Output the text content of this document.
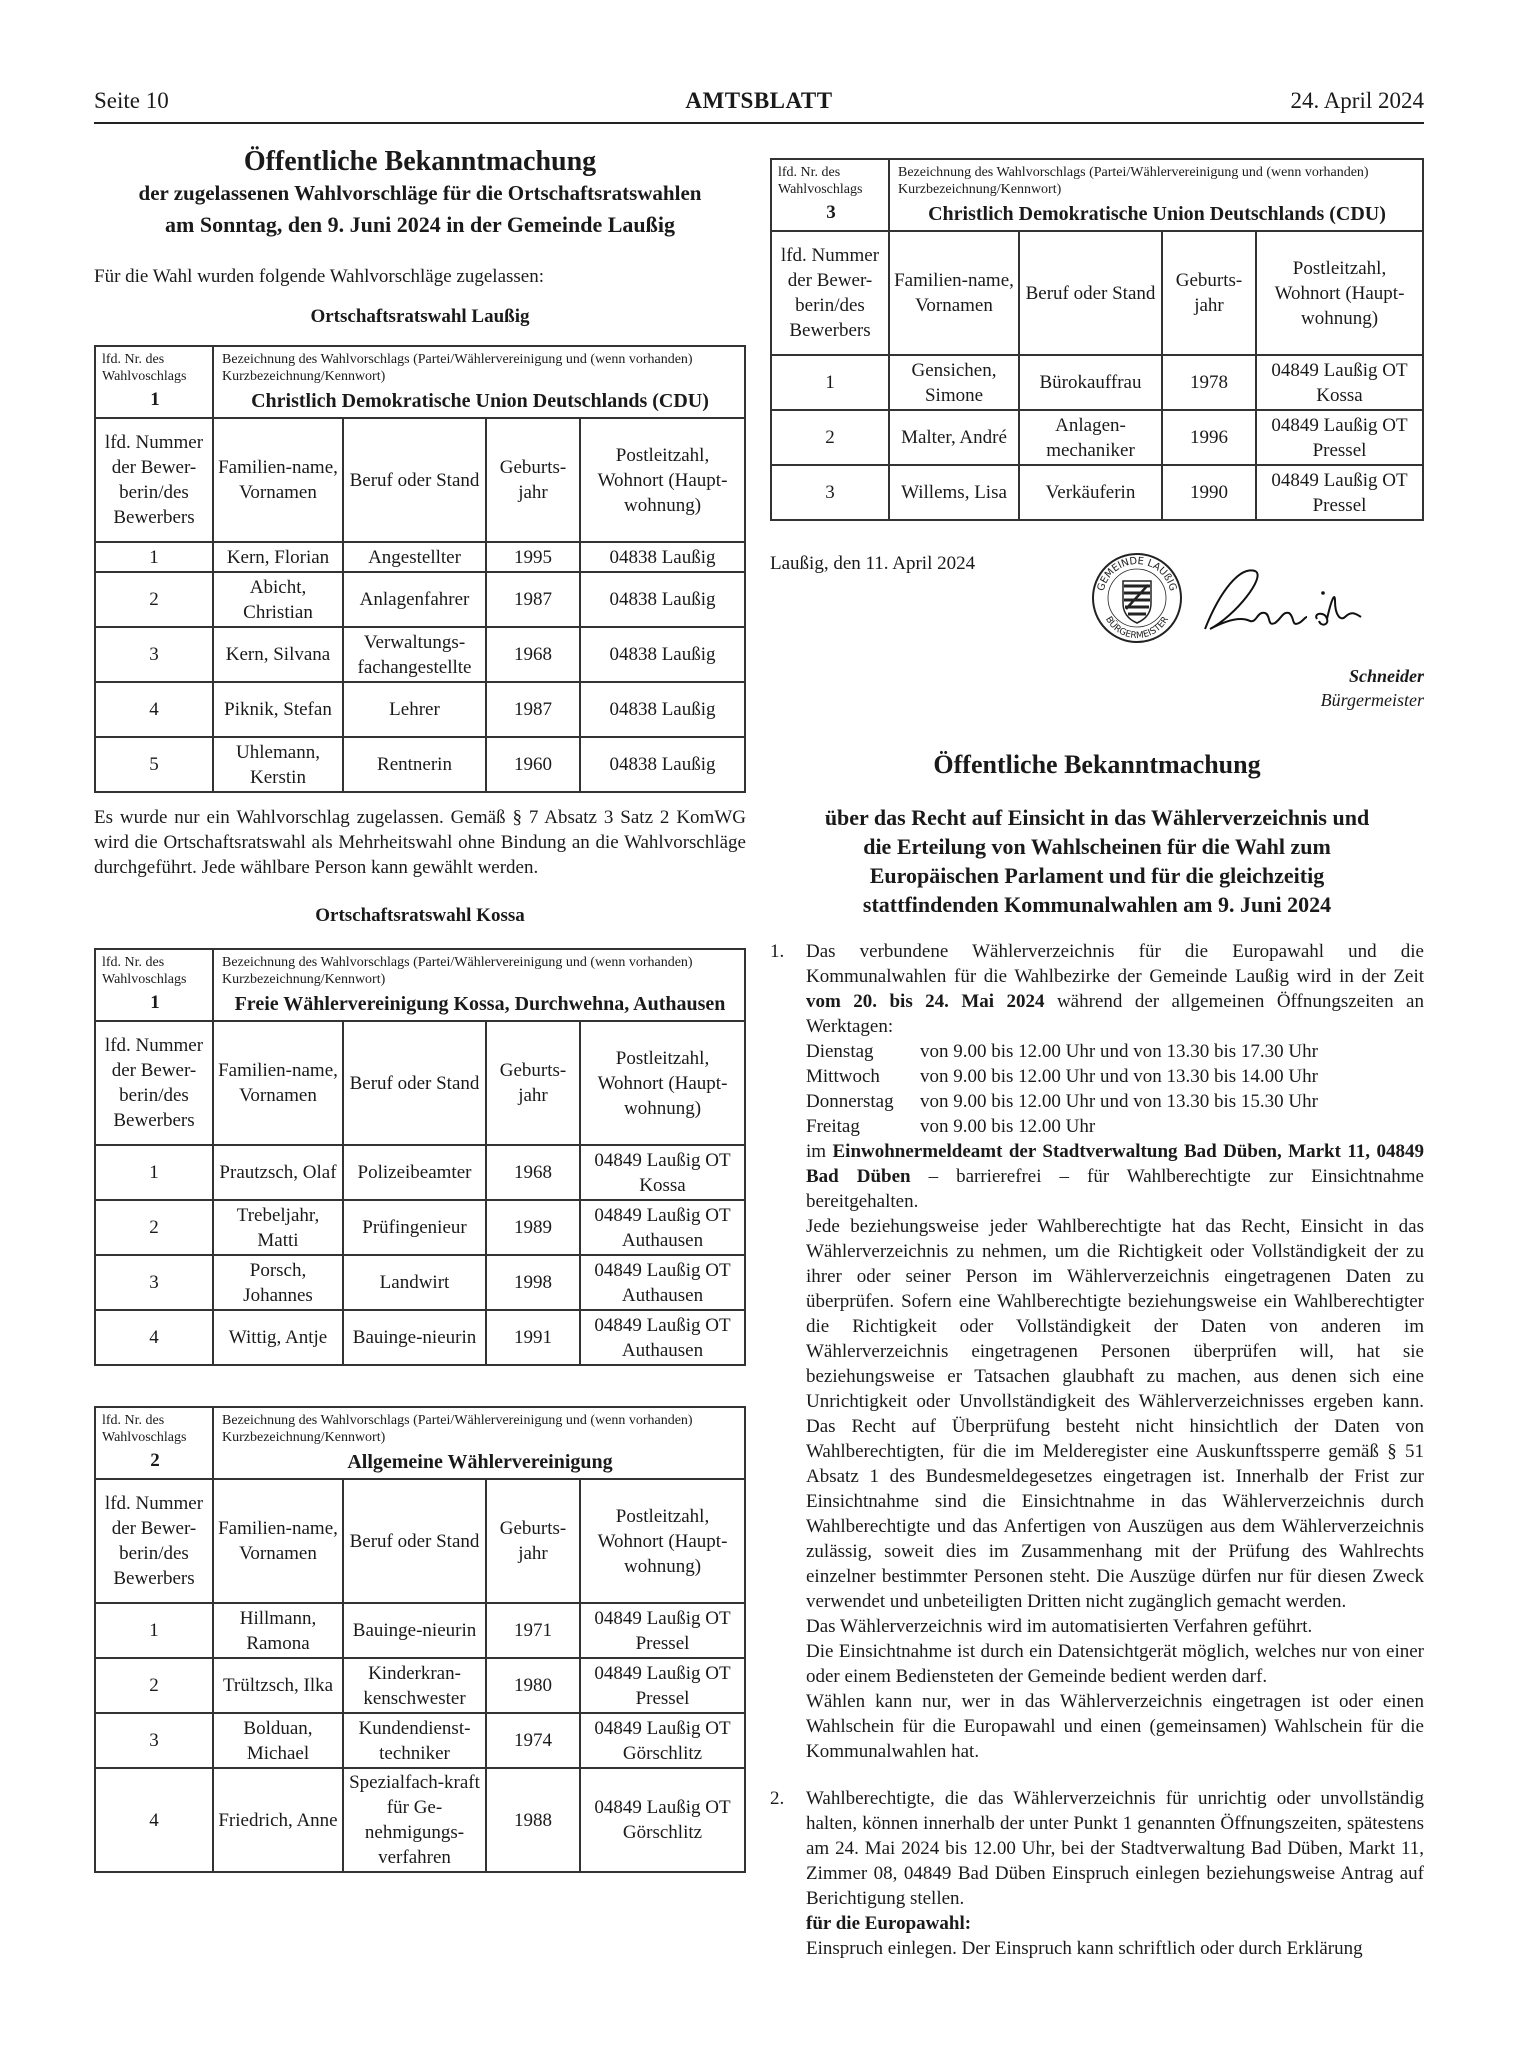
Seite 10	AMTSBLATT	24. April 2024
Öffentliche Bekanntmachung
der zugelassenen Wahlvorschläge für die Ortschaftsratswahlen
am Sonntag, den 9. Juni 2024 in der Gemeinde Laußig

Für die Wahl wurden folgende Wahlvorschläge zugelassen:

Ortschaftsratswahl Laußig
lfd. Nr. des Wahlvoschlags
1	Bezeichnung des Wahlvorschlags (Partei/Wählervereinigung und (wenn vorhanden) Kurzbezeichnung/Kennwort)
Christlich Demokratische Union Deutschlands (CDU)			

lfd. Nummer der Bewer-berin/des Bewerbers	Familien-name, Vornamen	Beruf oder Stand	Geburts-jahr	Postleitzahl, Wohnort (Haupt-wohnung)
1	Kern, Florian	Angestellter	1995	04838 Laußig
2	Abicht, Christian	Anlagenfahrer	1987	04838 Laußig
3	Kern, Silvana	Verwaltungs-fachangestellte	1968	04838 Laußig
4	Piknik, Stefan	Lehrer	1987	04838 Laußig
5	Uhlemann, Kerstin	Rentnerin	1960	04838 Laußig

Es wurde nur ein Wahlvorschlag zugelassen. Gemäß § 7 Absatz 3 Satz 2 KomWG wird die Ortschaftsratswahl als Mehrheitswahl ohne Bindung an die Wahlvorschläge durchgeführt. Jede wählbare Person kann gewählt werden.

Ortschaftsratswahl Kossa
lfd. Nr. des Wahlvoschlags
1	Bezeichnung des Wahlvorschlags (Partei/Wählervereinigung und (wenn vorhanden) Kurzbezeichnung/Kennwort)
Freie Wählervereinigung Kossa, Durchwehna, Authausen			

lfd. Nummer der Bewer-berin/des Bewerbers	Familien-name, Vornamen	Beruf oder Stand	Geburts-jahr	Postleitzahl, Wohnort (Haupt-wohnung)
1	Prautzsch, Olaf	Polizeibeamter	1968	04849 Laußig OT Kossa
2	Trebeljahr, Matti	Prüfingenieur	1989	04849 Laußig OT Authausen
3	Porsch, Johannes	Landwirt	1998	04849 Laußig OT Authausen
4	Wittig, Antje	Bauinge-nieurin	1991	04849 Laußig OT Authausen
lfd. Nr. des Wahlvoschlags
2	Bezeichnung des Wahlvorschlags (Partei/Wählervereinigung und (wenn vorhanden) Kurzbezeichnung/Kennwort)
Allgemeine Wählervereinigung			

lfd. Nummer der Bewer-berin/des Bewerbers	Familien-name, Vornamen	Beruf oder Stand	Geburts-jahr	Postleitzahl, Wohnort (Haupt-wohnung)
1	Hillmann, Ramona	Bauinge-nieurin	1971	04849 Laußig OT Pressel
2	Trültzsch, Ilka	Kinderkran-kenschwester	1980	04849 Laußig OT Pressel
3	Bolduan, Michael	Kundendienst-techniker	1974	04849 Laußig OT Görschlitz
4	Friedrich, Anne	Spezialfach-kraft für Ge-nehmigungs-verfahren	1988	04849 Laußig OT Görschlitz
lfd. Nr. des Wahlvoschlags
3	Bezeichnung des Wahlvorschlags (Partei/Wählervereinigung und (wenn vorhanden) Kurzbezeichnung/Kennwort)
Christlich Demokratische Union Deutschlands (CDU)			

lfd. Nummer der Bewer-berin/des Bewerbers	Familien-name, Vornamen	Beruf oder Stand	Geburts-jahr	Postleitzahl, Wohnort (Haupt-wohnung)
1	Gensichen, Simone	Bürokauffrau	1978	04849 Laußig OT Kossa
2	Malter, André	Anlagen-mechaniker	1996	04849 Laußig OT Pressel
3	Willems, Lisa	Verkäuferin	1990	04849 Laußig OT Pressel
Laußig, den 11. April 2024
GEMEINDE LAUßIG
BÜRGERMEISTER
Schneider
Bürgermeister
Öffentliche Bekanntmachung
über das Recht auf Einsicht in das Wählerverzeichnis und
die Erteilung von Wahlscheinen für die Wahl zum
Europäischen Parlament und für die gleichzeitig
stattfindenden Kommunalwahlen am 9. Juni 2024
1. Das verbundene Wählerverzeichnis für die Europawahl und die Kommunalwahlen für die Wahlbezirke der Gemeinde Laußig wird in der Zeit vom 20. bis 24. Mai 2024 während der allgemeinen Öffnungszeiten an Werktagen:

Dienstag	von 9.00 bis 12.00 Uhr und von 13.30 bis 17.30 Uhr
Mittwoch	von 9.00 bis 12.00 Uhr und von 13.30 bis 14.00 Uhr
Donnerstag	von 9.00 bis 12.00 Uhr und von 13.30 bis 15.30 Uhr
Freitag	von 9.00 bis 12.00 Uhr

im Einwohnermeldeamt der Stadtverwaltung Bad Düben, Markt 11, 04849 Bad Düben – barrierefrei – für Wahlberechtigte zur Einsichtnahme bereitgehalten.

Jede beziehungsweise jeder Wahlberechtigte hat das Recht, Einsicht in das Wählerverzeichnis zu nehmen, um die Richtigkeit oder Vollständigkeit der zu ihrer oder seiner Person im Wählerverzeichnis eingetragenen Daten zu überprüfen. Sofern eine Wahlberechtigte beziehungsweise ein Wahlberechtigter die Richtigkeit oder Vollständigkeit der Daten von anderen im Wählerverzeichnis eingetragenen Personen überprüfen will, hat sie beziehungsweise er Tatsachen glaubhaft zu machen, aus denen sich eine Unrichtigkeit oder Unvollständigkeit des Wählerverzeichnisses ergeben kann. Das Recht auf Überprüfung besteht nicht hinsichtlich der Daten von Wahlberechtigten, für die im Melderegister eine Auskunftssperre gemäß § 51 Absatz 1 des Bundesmeldegesetzes eingetragen ist. Innerhalb der Frist zur Einsichtnahme sind die Einsichtnahme in das Wählerverzeichnis durch Wahlberechtigte und das Anfertigen von Auszügen aus dem Wählerverzeichnis zulässig, soweit dies im Zusammenhang mit der Prüfung des Wahlrechts einzelner bestimmter Personen steht. Die Auszüge dürfen nur für diesen Zweck verwendet und unbeteiligten Dritten nicht zugänglich gemacht werden.

Das Wählerverzeichnis wird im automatisierten Verfahren geführt.

Die Einsichtnahme ist durch ein Datensichtgerät möglich, welches nur von einer oder einem Bediensteten der Gemeinde bedient werden darf.

Wählen kann nur, wer in das Wählerverzeichnis eingetragen ist oder einen Wahlschein für die Europawahl und einen (gemeinsamen) Wahlschein für die Kommunalwahlen hat.

2. Wahlberechtigte, die das Wählerverzeichnis für unrichtig oder unvollständig halten, können innerhalb der unter Punkt 1 genannten Öffnungszeiten, spätestens am 24. Mai 2024 bis 12.00 Uhr, bei der Stadtverwaltung Bad Düben, Markt 11, Zimmer 08, 04849 Bad Düben Einspruch einlegen beziehungsweise Antrag auf Berichtigung stellen.

für die Europawahl:

Einspruch einlegen. Der Einspruch kann schriftlich oder durch Erklärung
